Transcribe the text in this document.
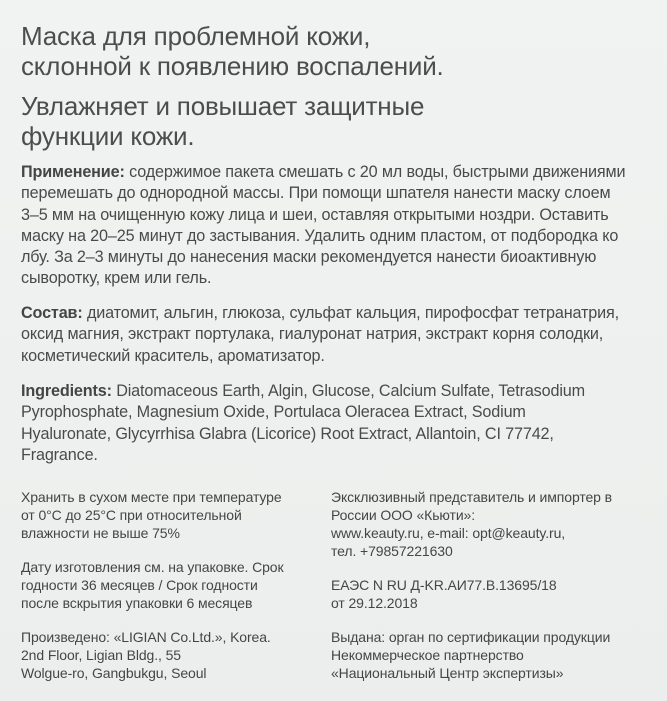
Маска для проблемной кожи,
склонной к появлению воспалений.
Увлажняет и повышает защитные
функции кожи.
Применение: содержимое пакета смешать с 20 мл воды, быстрыми движениями
перемешать до однородной массы. При помощи шпателя нанести маску слоем
3–5 мм на очищенную кожу лица и шеи, оставляя открытыми ноздри. Оставить
маску на 20–25 минут до застывания. Удалить одним пластом, от подбородка ко
лбу. За 2–3 минуты до нанесения маски рекомендуется нанести биоактивную
сыворотку, крем или гель.
Состав: диатомит, альгин, глюкоза, сульфат кальция, пирофосфат тетранатрия,
оксид магния, экстракт портулака, гиалуронат натрия, экстракт корня солодки,
косметический краситель, ароматизатор.
Ingredients: Diatomaceous Earth, Algin, Glucose, Calcium Sulfate, Tetrasodium
Pyrophosphate, Magnesium Oxide, Portulaca Oleracea Extract, Sodium
Hyaluronate, Glycyrrhisa Glabra (Licorice) Root Extract, Allantoin, CI 77742,
Fragrance.
Хранить в сухом месте при температуре
от 0°С до 25°С при относительной
влажности не выше 75%
Дату изготовления см. на упаковке. Срок
годности 36 месяцев / Срок годности
после вскрытия упаковки 6 месяцев
Произведено: «LIGIAN Co.Ltd.», Korea.
2nd Floor, Ligian Bldg., 55
Wolgue-ro, Gangbukgu, Seoul
Эксклюзивный представитель и импортер в
России ООО «Кьюти»:
www.keauty.ru, e-mail: opt@keauty.ru,
тел. +79857221630
ЕАЭС N RU Д-KR.АИ77.В.13695/18
от 29.12.2018
Выдана: орган по сертификации продукции
Некоммерческое партнерство
«Национальный Центр экспертизы»
